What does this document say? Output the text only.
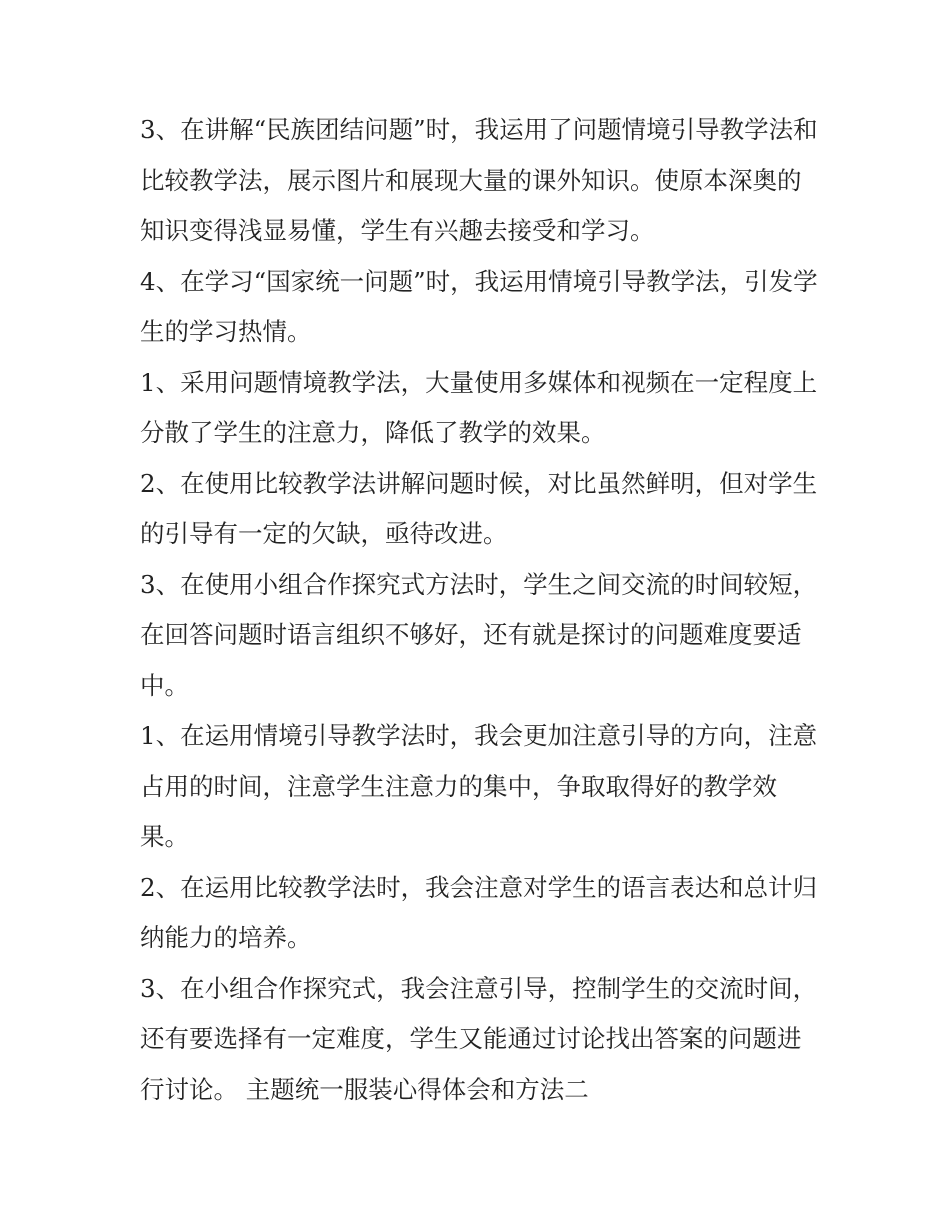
3、在讲解“民族团结问题”时，我运用了问题情境引导教学法和比较教学法，展示图片和展现大量的课外知识。使原本深奥的知识变得浅显易懂，学生有兴趣去接受和学习。

4、在学习“国家统一问题”时，我运用情境引导教学法，引发学生的学习热情。

1、采用问题情境教学法，大量使用多媒体和视频在一定程度上分散了学生的注意力，降低了教学的效果。

2、在使用比较教学法讲解问题时候，对比虽然鲜明，但对学生的引导有一定的欠缺，亟待改进。

3、在使用小组合作探究式方法时，学生之间交流的时间较短，在回答问题时语言组织不够好，还有就是探讨的问题难度要适中。

1、在运用情境引导教学法时，我会更加注意引导的方向，注意占用的时间，注意学生注意力的集中，争取取得好的教学效果。

2、在运用比较教学法时，我会注意对学生的语言表达和总计归纳能力的培养。

3、在小组合作探究式，我会注意引导，控制学生的交流时间，还有要选择有一定难度，学生又能通过讨论找出答案的问题进行讨论。 主题统一服装心得体会和方法二
